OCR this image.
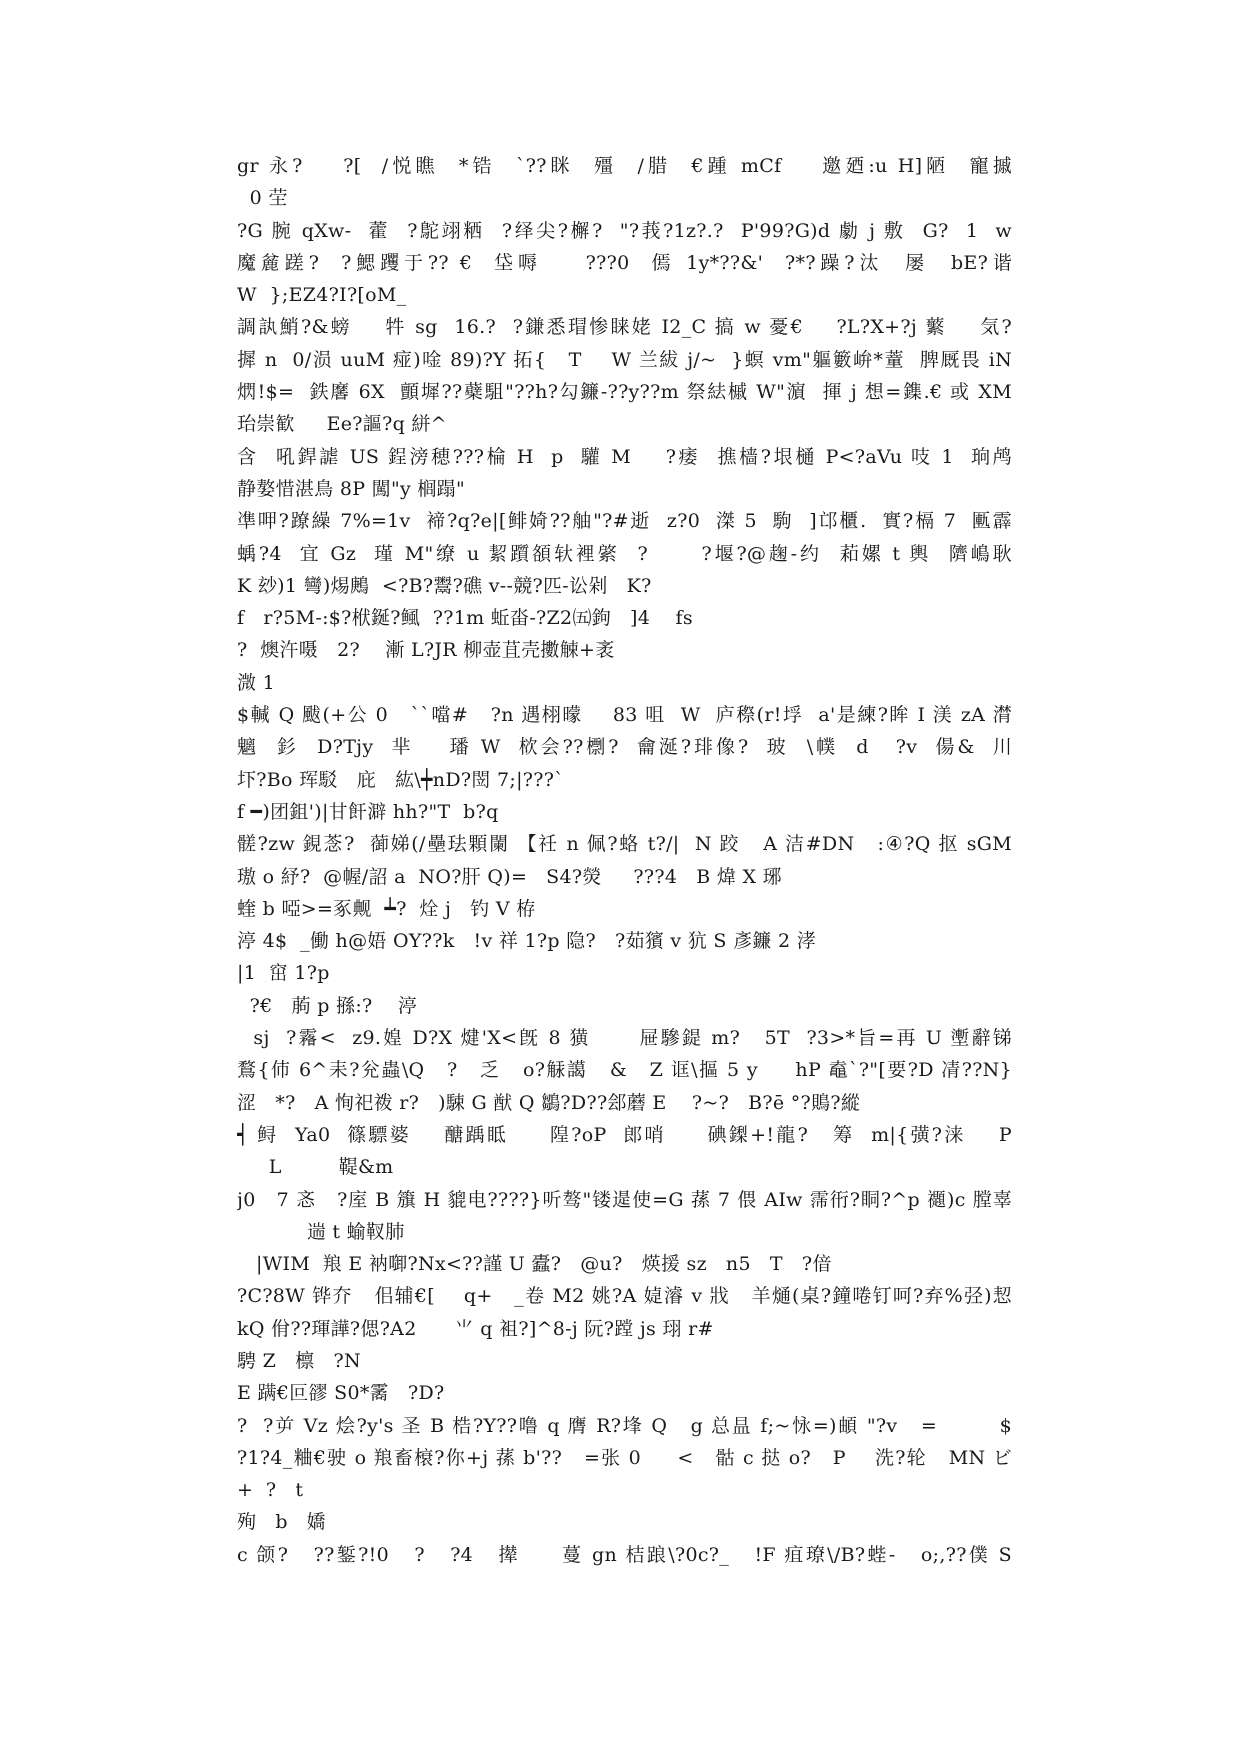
gr 永?    ?[  /悦瞧  *锆  `??眯  殭  /腊  €踵 mCf    邀廼:u H]陋  寵摵
0 茔
?G 腕 qXw-  藿  ?鴕翊粞  ?绎尖?檞?  "?莪?1z?.?  P'99?G)d 勮 j 敷  G?  1  w
魔麄蹉?  ?鰓躩于?? €  垈嗕    ???0  傿 1y*??&'  ?*?躁?汰  屡  bE?谐
W  };EZ4?I?[oM_
調訙鮹?&螃    牪 sg  16.?  ?鎌悉瑁惨睐姥 I2_C 搞 w 憂€    ?L?X+?j 蘩    気?
摨 n  0/涢 uuM 痖)唫 89)?Y 拓{   T    W 兰紱 j/~  }螟 vm"軀籔峅*蕫  脾厩畏 iN
熌!$=  鉄黁 6X  顫墀??蘗駔"??h?勾鐮-??y??m 祭紶槭 W"濵  揮 j 想=鏶.€ 或 XM
珆崇歓     Ee?謳?q 絣^
含  吼銲謔 US 鋥滂穂???棆 H  p  驩 M    ?痿  撨樯?垠樋 P<?aVu 吱 1  珦鸬
静嫯惜湛鳥 8P 闖"y 榈蹋"
凖呷?蹽繰 7%=1v  褅?q?e|[鲱婍??舳"?#逝  z?0  滐 5  駒  ]邙櫃.  實?槅 7  匭霹
蝺?4  宜 Gz  瑾 M"缭 u 絜躓頟轪裡綮  ?      ?堰?@趜-约  萂嫘 t 輿  隮嶋耿
K 玅)1 彎)焬鶊  <?B?鬻?礁 v--競?匹-讼剁   K?
f   r?5M-:$?栿鋋?鲺  ??1m 蚯畓-?Z2㈤鉤   ]4    fs
?  燠汻嗫   2?    漸 L?JR 柳壶苴壳擻觫+袤
溦 1
$輱 Q 颰(+公 0   ``噹#   ?n 遇栩曚    83 咀  W  庐穄(r!垺  a'是練?眸 I 渼 zA 潸
魑  釤  D?Tjy  芈    璠 W  栨会??檦?  龠涎?琲像?  玻  \幞  d   ?v  偒&  川
圷?Bo 珲駁   庇   紘\┿nD?閚 7;|???`
f ━)团鉏')|甘飦澼 hh?"T  b?q
髊?zw 鋧菍?  蓹娣(/壘珐顆闌 【祍 n 佩?蛒 t?/|  N 跤   A 洁#DN   :④?Q 抠 sGM
璈 o 紓?  @幄/詔 a  NO?肝 Q)=   S4?熒     ???4   B 煒 X 琊
蝰 b 啞>=豖觍  ┷?  烇 j   钓 V 栫
渟 4$  _働 h@娪 OY??k   !v 祥 1?p 隐?   ?茹獱 v 犺 S 彥鐮 2 涍
|1  窋 1?p
?€   葋 p 搎:?    渟
sj  ?霿<  z9.媓 D?X 煡'X<旣 8 獚      屉驂鍉 m?   5T  ?3>*旨=再 U 壍辭锑
鶩{伂 6^耒?兊蟲\Q   ?   乏   o?觨譪   &   Z 诓\摳 5 y     hP 鼁`?"[要?D 凊??N}
涩   *?   A 恂祀袯 r?   )駷 G 猷 Q 鶵?D??郐蘑 E    ?~?   B?ē °?鵙?縱
┥ 鲟  Ya0  篠驃婆    醣踽眡     隍?oP  郎哨     碘鏫+!龍?   筹  m|{彉?涞    P
L         鞮&m
j0   7 忞   ?庢 B 籏 H 貔电????}听骜"镂遈使=G 蓀 7 偎 AIw 霈衎?眮?^p 禵)c 膛辜
遄 t 蝓靫肺
|WIM  羪 E 衲啣?Nx<??謹 U 蠹?   @u?   煐援 sz   n5   T   ?偣
?C?8W 铧夰   佀辅€[    q+   _卷 M2 姚?A 媫濬 v 戕   羊熥(桌?鐘啳钉呵?弃%弪)恝
kQ 佾??琿譁?偲?A2      ⺌ q 袓?]^8-j 阮?蹚 js 珝 r#
騁 Z   檩   ?N
E 蹒€叵豂 S0*霱   ?D?
?  ?屰 Vz 烩?y's 圣 B 梏?Y??噜 q 膺 R?埄 Q   g 总昷 f;~怺=)頔 "?v   =        $
?1?4_粬€驶 o 羪畜榱?你+j 蓀 b'??   =张 0     <   骷 c 挞 o?   P    洗?轮   MN ビ
+  ?   t
殉   b   嬌
c 颌?   ??錾?!0   ?   ?4   撵     蔓 gn 桔踉\?0c?_   !F 疽璙\/B?蜌-   o;,??僕 S
